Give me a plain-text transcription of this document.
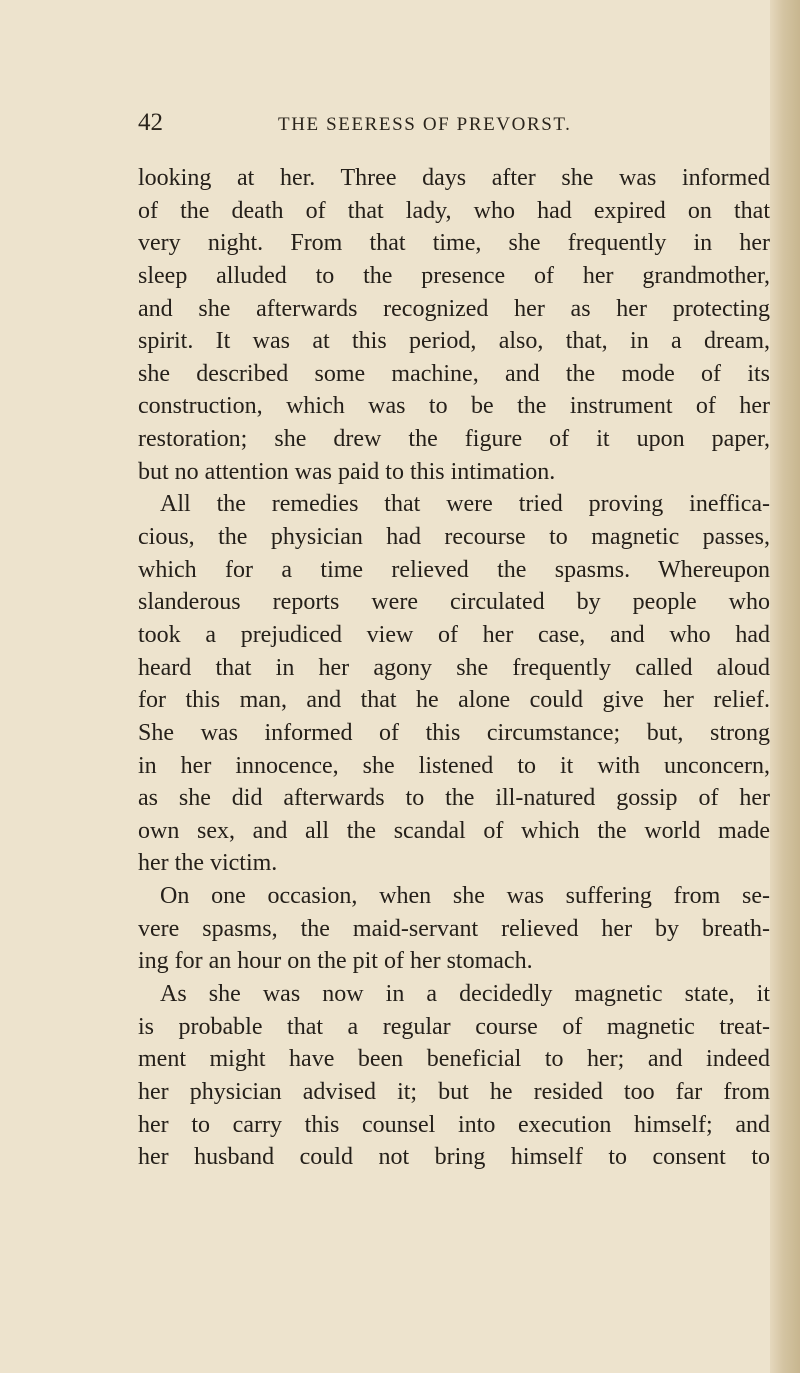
42	THE SEERESS OF PREVORST.
looking at her. Three days after she was informed
of the death of that lady, who had expired on that
very night. From that time, she frequently in her
sleep alluded to the presence of her grandmother,
and she afterwards recognized her as her protecting
spirit. It was at this period, also, that, in a dream,
she described some machine, and the mode of its
construction, which was to be the instrument of her
restoration; she drew the figure of it upon paper,
but no attention was paid to this intimation.
All the remedies that were tried proving ineffica-
cious, the physician had recourse to magnetic passes,
which for a time relieved the spasms. Whereupon
slanderous reports were circulated by people who
took a prejudiced view of her case, and who had
heard that in her agony she frequently called aloud
for this man, and that he alone could give her relief.
She was informed of this circumstance; but, strong
in her innocence, she listened to it with unconcern,
as she did afterwards to the ill-natured gossip of her
own sex, and all the scandal of which the world made
her the victim.
On one occasion, when she was suffering from se-
vere spasms, the maid-servant relieved her by breath-
ing for an hour on the pit of her stomach.
As she was now in a decidedly magnetic state, it
is probable that a regular course of magnetic treat-
ment might have been beneficial to her; and indeed
her physician advised it; but he resided too far from
her to carry this counsel into execution himself; and
her husband could not bring himself to consent to
